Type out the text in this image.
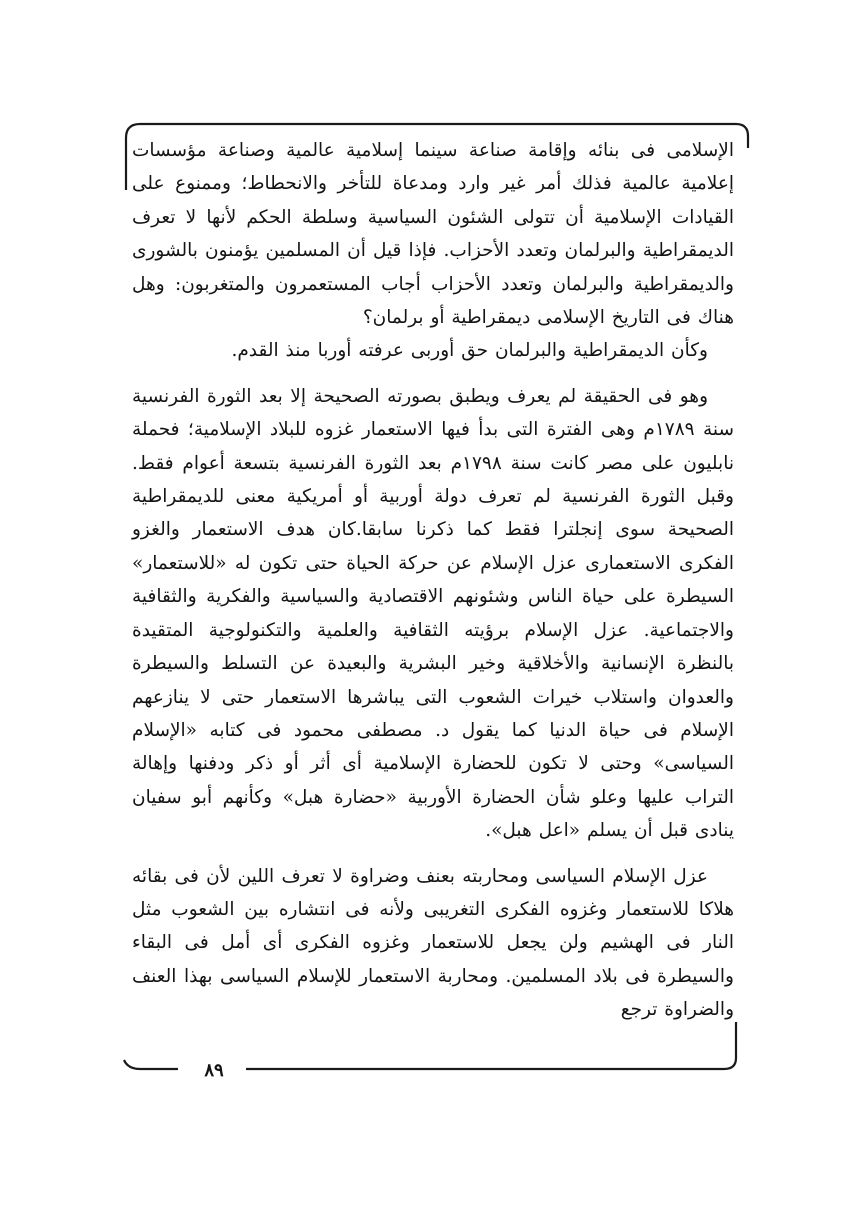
الإسلامى فى بنائه وإقامة صناعة سينما إسلامية عالمية وصناعة مؤسسات إعلامية عالمية فذلك أمر غير وارد ومدعاة للتأخر والانحطاط؛ وممنوع على القيادات الإسلامية أن تتولى الشئون السياسية وسلطة الحكم لأنها لا تعرف الديمقراطية والبرلمان وتعدد الأحزاب. فإذا قيل أن المسلمين يؤمنون بالشورى والديمقراطية والبرلمان وتعدد الأحزاب أجاب المستعمرون والمتغربون: وهل هناك فى التاريخ الإسلامى ديمقراطية أو برلمان؟

وكأن الديمقراطية والبرلمان حق أوربى عرفته أوربا منذ القدم.

وهو فى الحقيقة لم يعرف ويطبق بصورته الصحيحة إلا بعد الثورة الفرنسية سنة ١٧٨٩م وهى الفترة التى بدأ فيها الاستعمار غزوه للبلاد الإسلامية؛ فحملة نابليون على مصر كانت سنة ١٧٩٨م بعد الثورة الفرنسية بتسعة أعوام فقط. وقبل الثورة الفرنسية لم تعرف دولة أوربية أو أمريكية معنى للديمقراطية الصحيحة سوى إنجلترا فقط كما ذكرنا سابقا.كان هدف الاستعمار والغزو الفكرى الاستعمارى عزل الإسلام عن حركة الحياة حتى تكون له «للاستعمار» السيطرة على حياة الناس وشئونهم الاقتصادية والسياسية والفكرية والثقافية والاجتماعية. عزل الإسلام برؤيته الثقافية والعلمية والتكنولوجية المتقيدة بالنظرة الإنسانية والأخلاقية وخير البشرية والبعيدة عن التسلط والسيطرة والعدوان واستلاب خيرات الشعوب التى يباشرها الاستعمار حتى لا ينازعهم الإسلام فى حياة الدنيا كما يقول د. مصطفى محمود فى كتابه «الإسلام السياسى» وحتى لا تكون للحضارة الإسلامية أى أثر أو ذكر ودفنها وإهالة التراب عليها وعلو شأن الحضارة الأوربية «حضارة هبل» وكأنهم أبو سفيان ينادى قبل أن يسلم «اعل هبل».

عزل الإسلام السياسى ومحاربته بعنف وضراوة لا تعرف اللين لأن فى بقائه هلاكا للاستعمار وغزوه الفكرى التغريبى ولأنه فى انتشاره بين الشعوب مثل النار فى الهشيم ولن يجعل للاستعمار وغزوه الفكرى أى أمل فى البقاء والسيطرة فى بلاد المسلمين. ومحاربة الاستعمار للإسلام السياسى بهذا العنف والضراوة ترجع

٨٩
